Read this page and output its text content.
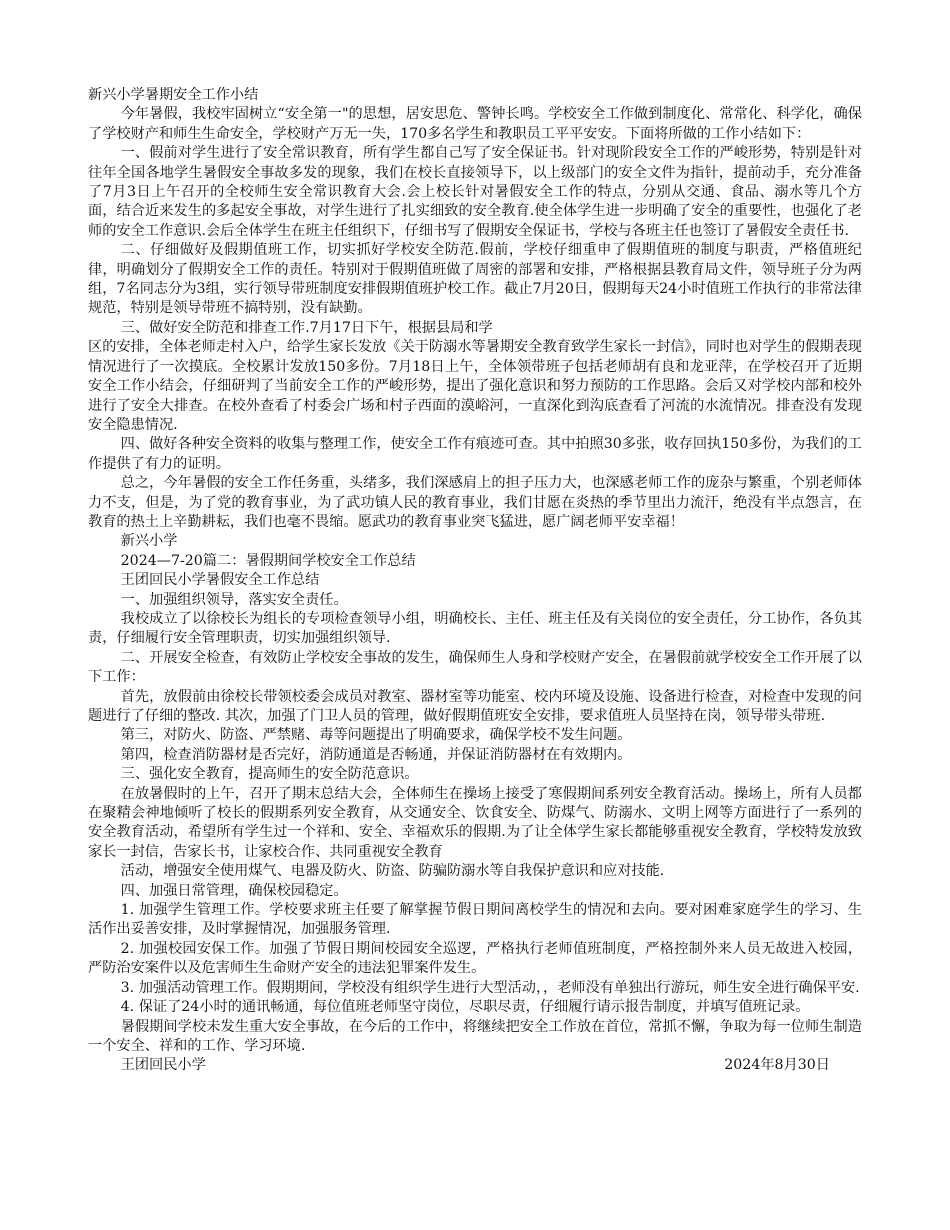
新兴小学暑期安全工作小结

今年暑假，我校牢固树立“安全第一"的思想，居安思危、警钟长鸣。学校安全工作做到制度化、常常化、科学化，确保了学校财产和师生生命安全，学校财产万无一失，170多名学生和教职员工平平安安。下面将所做的工作小结如下：

一、假前对学生进行了安全常识教育，所有学生都自己写了安全保证书。针对现阶段安全工作的严峻形势，特别是针对往年全国各地学生暑假安全事故多发的现象，我们在校长直接领导下，以上级部门的安全文件为指针，提前动手，充分准备了7月3日上午召开的全校师生安全常识教育大会.会上校长针对暑假安全工作的特点，分别从交通、食品、溺水等几个方面，结合近来发生的多起安全事故，对学生进行了扎实细致的安全教育.使全体学生进一步明确了安全的重要性，也强化了老师的安全工作意识.会后全体学生在班主任组织下，仔细书写了假期安全保证书，学校与各班主任也签订了暑假安全责任书.

二、仔细做好及假期值班工作，切实抓好学校安全防范.假前，学校仔细重申了假期值班的制度与职责，严格值班纪律，明确划分了假期安全工作的责任。特别对于假期值班做了周密的部署和安排，严格根据县教育局文件，领导班子分为两组，7名同志分为3组，实行领导带班制度安排假期值班护校工作。截止7月20日，假期每天24小时值班工作执行的非常法律规范，特别是领导带班不搞特别，没有缺勤。

三、做好安全防范和排查工作.7月17日下午，根据县局和学

区的安排，全体老师走村入户，给学生家长发放《关于防溺水等暑期安全教育致学生家长一封信》，同时也对学生的假期表现情况进行了一次摸底。全校累计发放150多份。7月18日上午，全体领带班子包括老师胡有良和龙亚萍，在学校召开了近期安全工作小结会，仔细研判了当前安全工作的严峻形势，提出了强化意识和努力预防的工作思路。会后又对学校内部和校外进行了安全大排查。在校外查看了村委会广场和村子西面的漠峪河，一直深化到沟底查看了河流的水流情况。排查没有发现安全隐患情况.

四、做好各种安全资料的收集与整理工作，使安全工作有痕迹可查。其中拍照30多张，收存回执150多份，为我们的工作提供了有力的证明。

总之，今年暑假的安全工作任务重，头绪多，我们深感肩上的担子压力大，也深感老师工作的庞杂与繁重，个别老师体力不支，但是，为了党的教育事业，为了武功镇人民的教育事业，我们甘愿在炎热的季节里出力流汗，绝没有半点怨言，在教育的热土上辛勤耕耘，我们也毫不畏缩。愿武功的教育事业突飞猛进，愿广阔老师平安幸福！

新兴小学

2024—7-20篇二：暑假期间学校安全工作总结

王团回民小学暑假安全工作总结

一、加强组织领导，落实安全责任。

我校成立了以徐校长为组长的专项检查领导小组，明确校长、主任、班主任及有关岗位的安全责任，分工协作，各负其责，仔细履行安全管理职责，切实加强组织领导.

二、开展安全检查，有效防止学校安全事故的发生，确保师生人身和学校财产安全，在暑假前就学校安全工作开展了以下工作：

首先，放假前由徐校长带领校委会成员对教室、器材室等功能室、校内环境及设施、设备进行检查，对检查中发现的问题进行了仔细的整改. 其次，加强了门卫人员的管理，做好假期值班安全安排，要求值班人员坚持在岗，领导带头带班.

第三，对防火、防盗、严禁赌、毒等问题提出了明确要求，确保学校不发生问题。

第四，检查消防器材是否完好，消防通道是否畅通，并保证消防器材在有效期内。

三、强化安全教育，提高师生的安全防范意识。

在放暑假时的上午，召开了期末总结大会，全体师生在操场上接受了寒假期间系列安全教育活动。操场上，所有人员都在聚精会神地倾听了校长的假期系列安全教育，从交通安全、饮食安全、防煤气、防溺水、文明上网等方面进行了一系列的安全教育活动，希望所有学生过一个祥和、安全、幸福欢乐的假期.为了让全体学生家长都能够重视安全教育，学校特发放致家长一封信，告家长书，让家校合作、共同重视安全教育

活动，增强安全使用煤气、电器及防火、防盗、防骗防溺水等自我保护意识和应对技能.

四、加强日常管理，确保校园稳定。

1. 加强学生管理工作。学校要求班主任要了解掌握节假日期间离校学生的情况和去向。要对困难家庭学生的学习、生活作出妥善安排，及时掌握情况，加强服务管理.

2. 加强校园安保工作。加强了节假日期间校园安全巡逻，严格执行老师值班制度，严格控制外来人员无故进入校园，严防治安案件以及危害师生生命财产安全的违法犯罪案件发生。

3. 加强活动管理工作。假期期间，学校没有组织学生进行大型活动，，老师没有单独出行游玩，师生安全进行确保平安.

4. 保证了24小时的通讯畅通，每位值班老师坚守岗位，尽职尽责，仔细履行请示报告制度，并填写值班记录。

暑假期间学校未发生重大安全事故，在今后的工作中，将继续把安全工作放在首位，常抓不懈，争取为每一位师生制造一个安全、祥和的工作、学习环境.

王团回民小学	2024年8月30日
